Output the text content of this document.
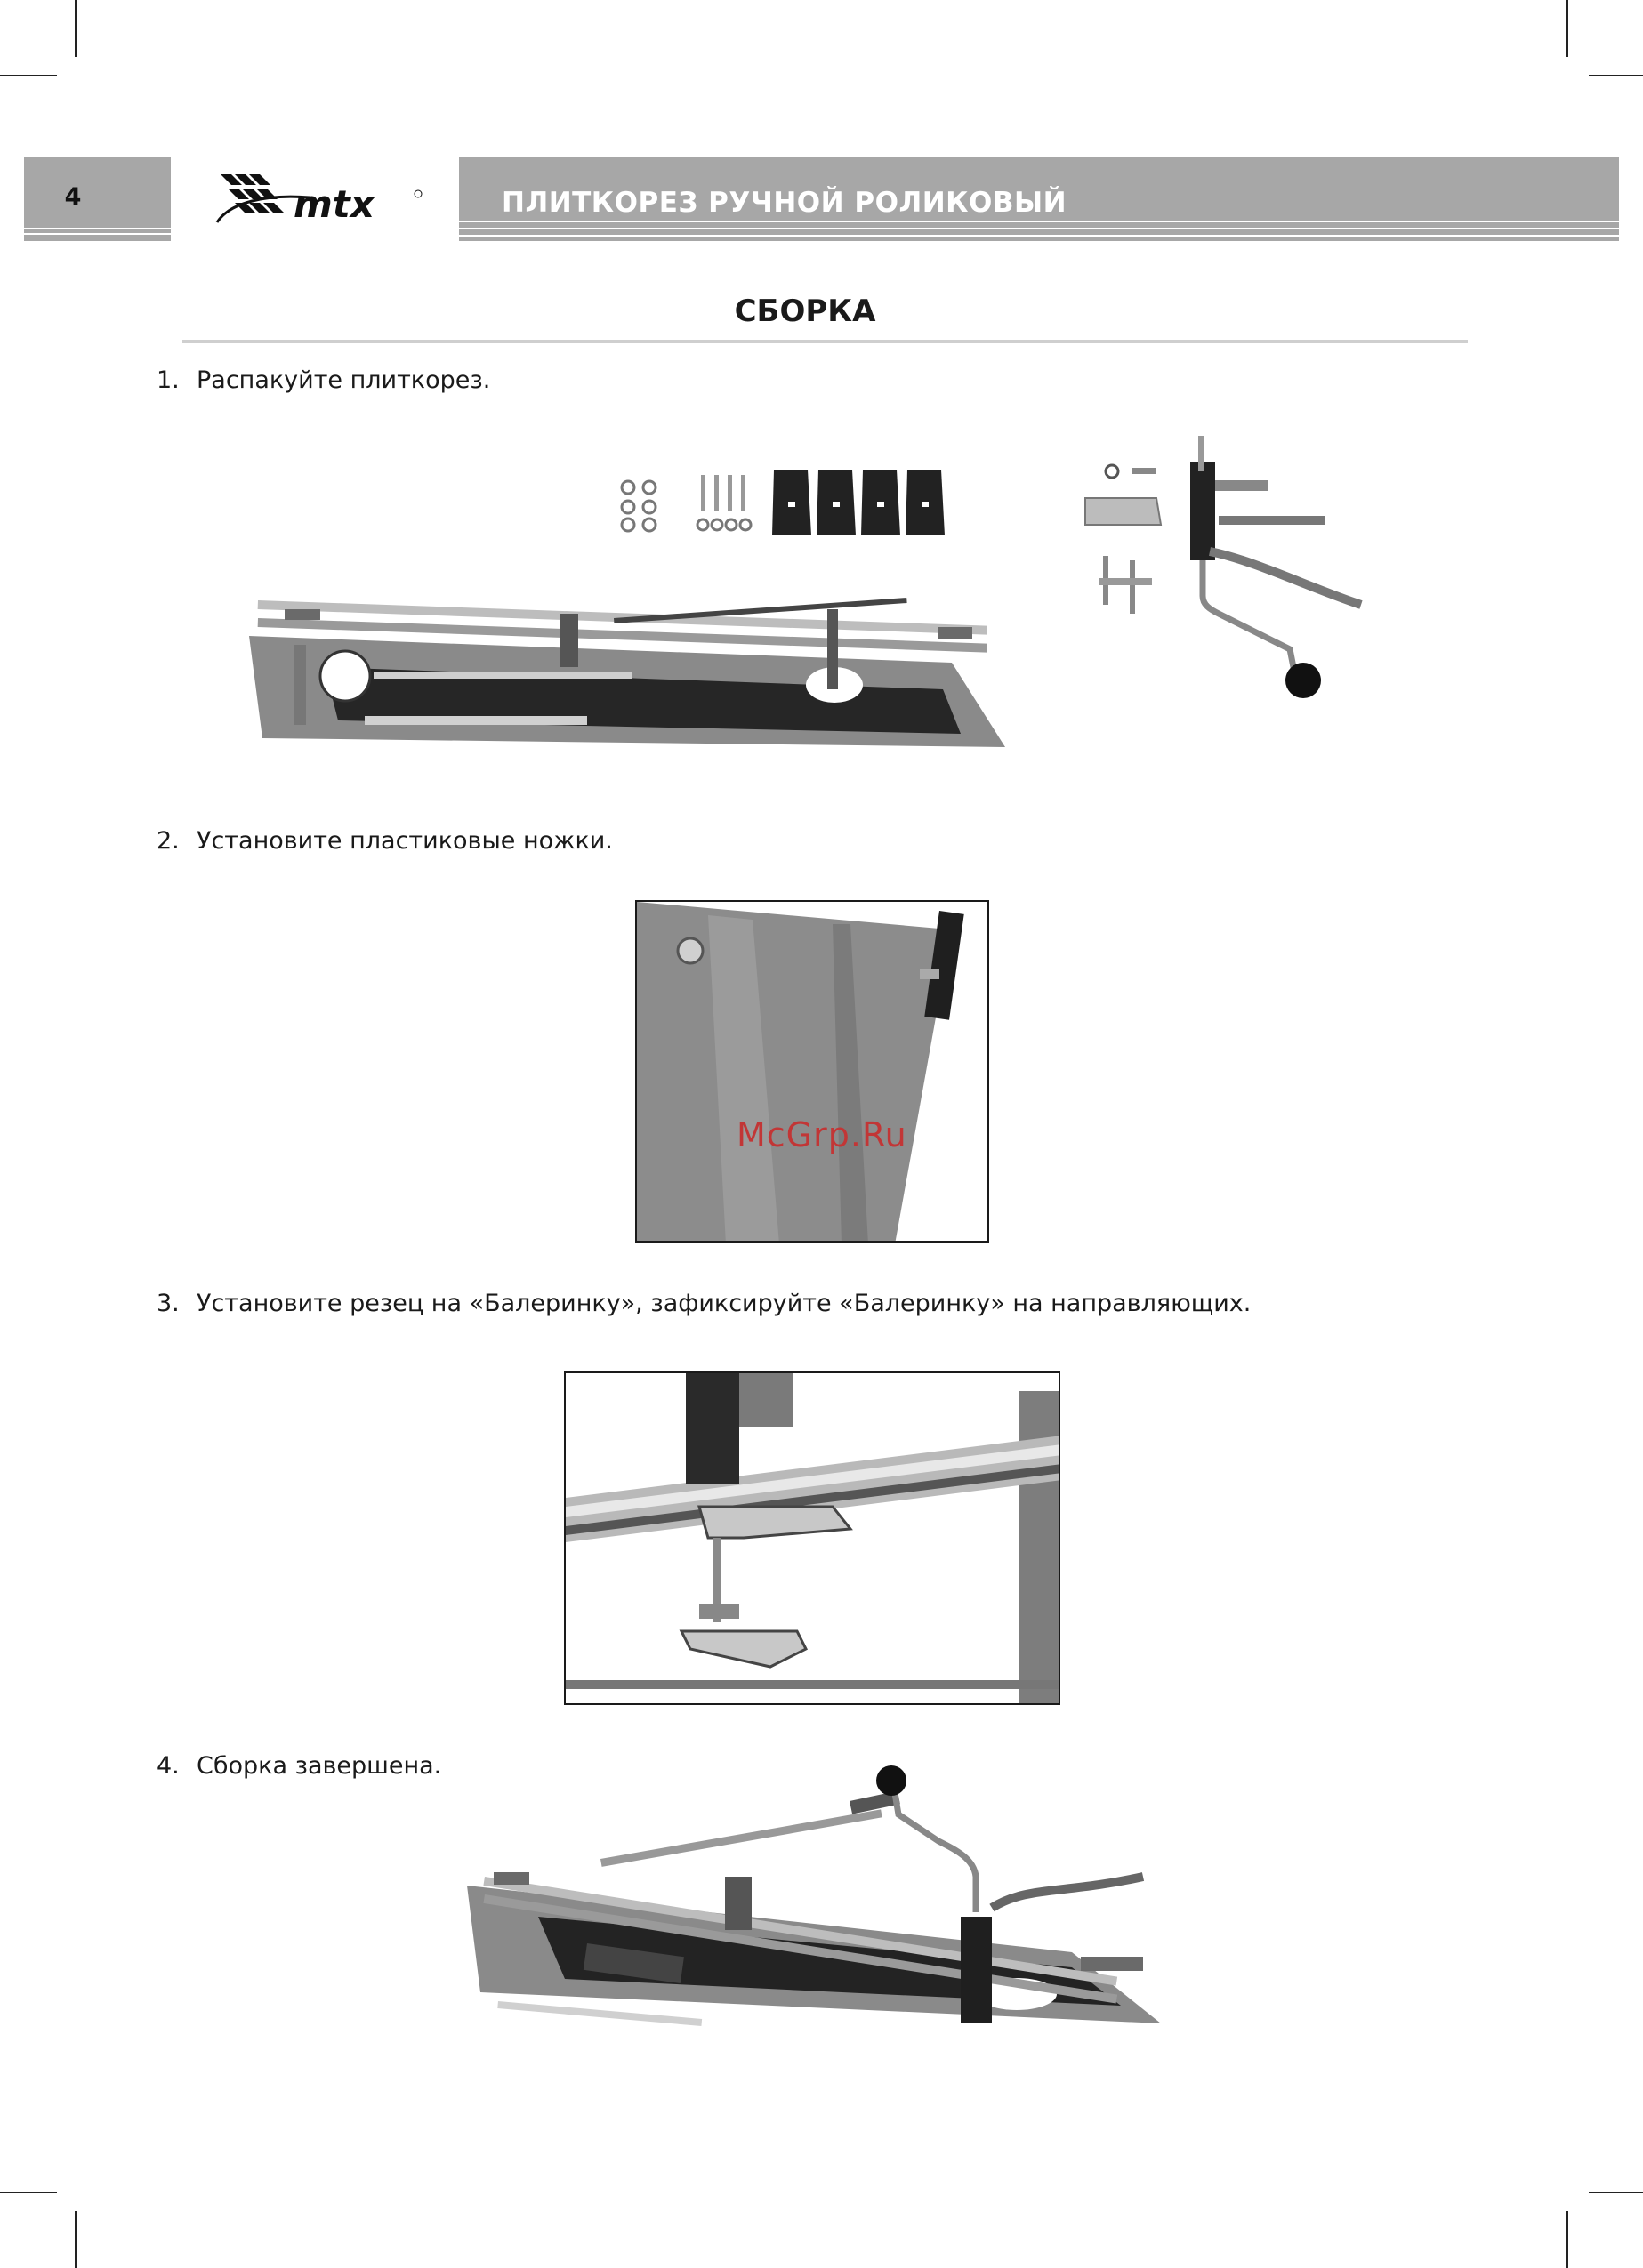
4	mtx	ПЛИТКОРЕЗ РУЧНОЙ РОЛИКОВЫЙ
СБОРКА
1. Распакуйте плиткорез.
2. Установите пластиковые ножки.
McGrp.Ru
3. Установите резец на «Балеринку», зафиксируйте «Балеринку» на направляющих.
4. Сборка завершена.
